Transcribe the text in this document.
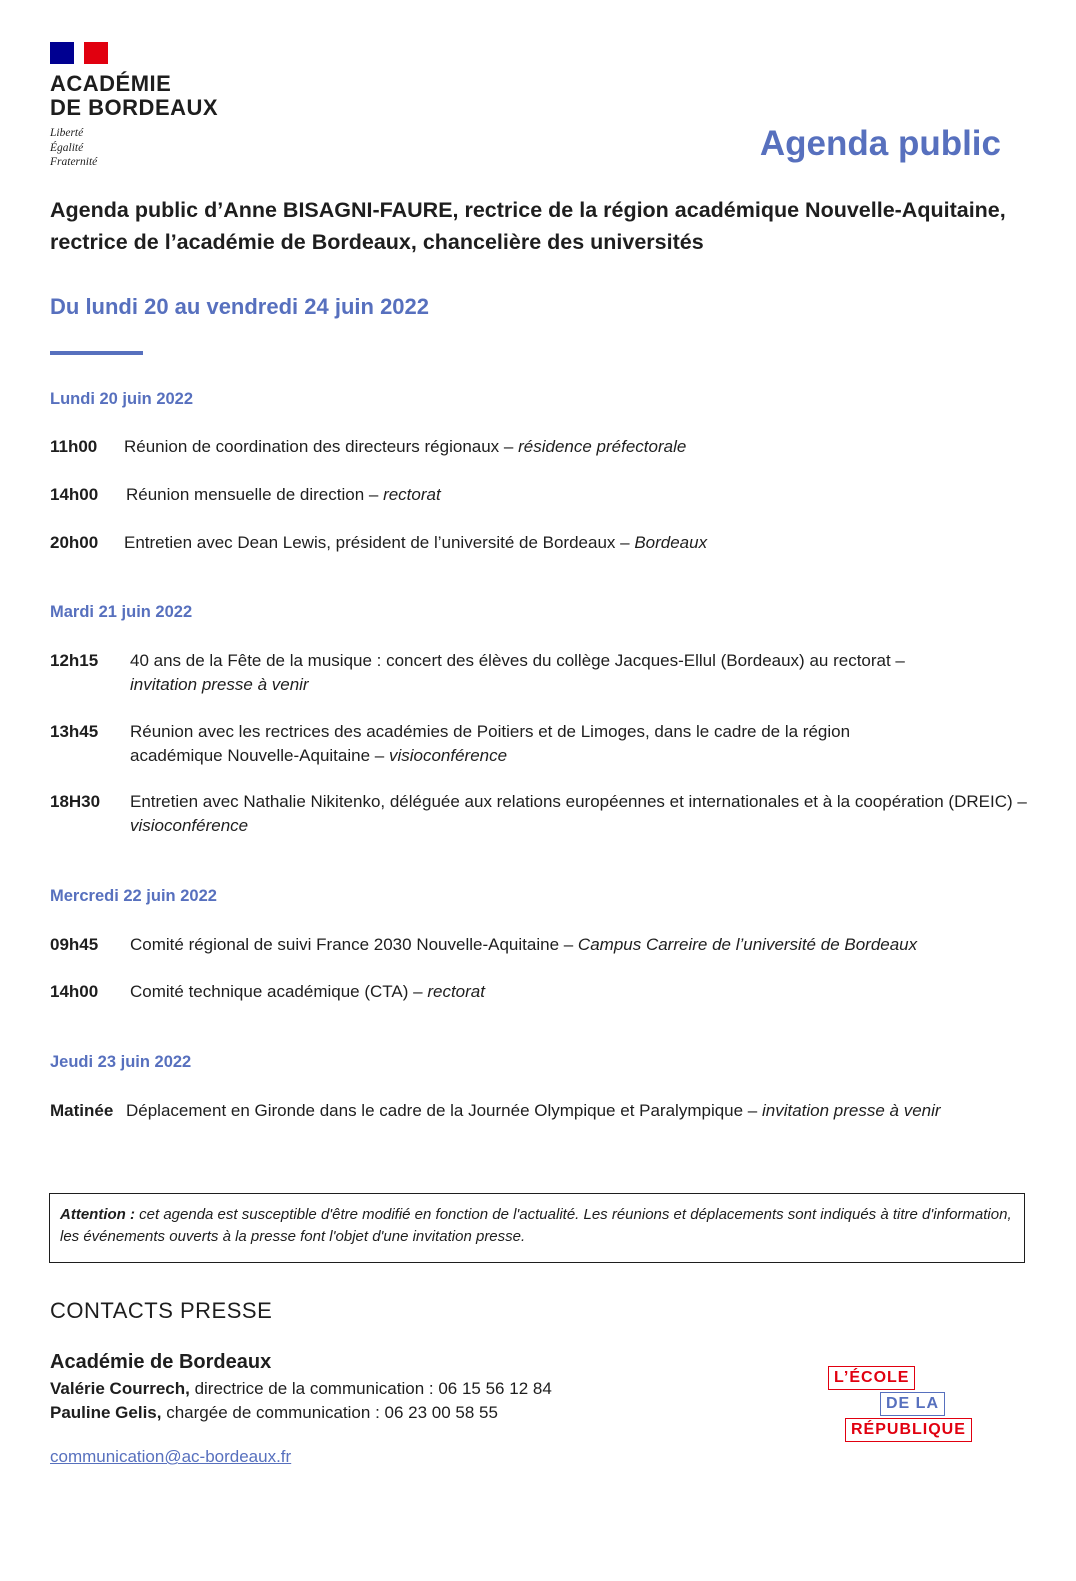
ACADÉMIE
DE BORDEAUX
Liberté
Égalité
Fraternité	Agenda public
Agenda public d’Anne BISAGNI-FAURE, rectrice de la région académique Nouvelle-Aquitaine, rectrice de l’académie de Bordeaux, chancelière des universités
Du lundi 20 au vendredi 24 juin 2022
Lundi 20 juin 2022
11h00	Réunion de coordination des directeurs régionaux – résidence préfectorale
14h00	Réunion mensuelle de direction – rectorat
20h00	Entretien avec Dean Lewis, président de l’université de Bordeaux – Bordeaux
Mardi 21 juin 2022
12h15	40 ans de la Fête de la musique : concert des élèves du collège Jacques-Ellul (Bordeaux) au rectorat – invitation presse à venir
13h45	Réunion avec les rectrices des académies de Poitiers et de Limoges, dans le cadre de la région académique Nouvelle-Aquitaine – visioconférence
18H30	Entretien avec Nathalie Nikitenko, déléguée aux relations européennes et internationales et à la coopération (DREIC) – visioconférence
Mercredi 22 juin 2022
09h45	Comité régional de suivi France 2030 Nouvelle-Aquitaine – Campus Carreire de l’université de Bordeaux
14h00	Comité technique académique (CTA) – rectorat
Jeudi 23 juin 2022
Matinée Déplacement en Gironde dans le cadre de la Journée Olympique et Paralympique – invitation presse à venir
Attention : cet agenda est susceptible d'être modifié en fonction de l'actualité. Les réunions et déplacements sont indiqués à titre d'information, les événements ouverts à la presse font l'objet d'une invitation presse.
CONTACTS PRESSE
Académie de Bordeaux
Valérie Courrech, directrice de la communication : 06 15 56 12 84
Pauline Gelis, chargée de communication : 06 23 00 58 55
communication@ac-bordeaux.fr
L’ÉCOLE
DE LA
RÉPUBLIQUE
